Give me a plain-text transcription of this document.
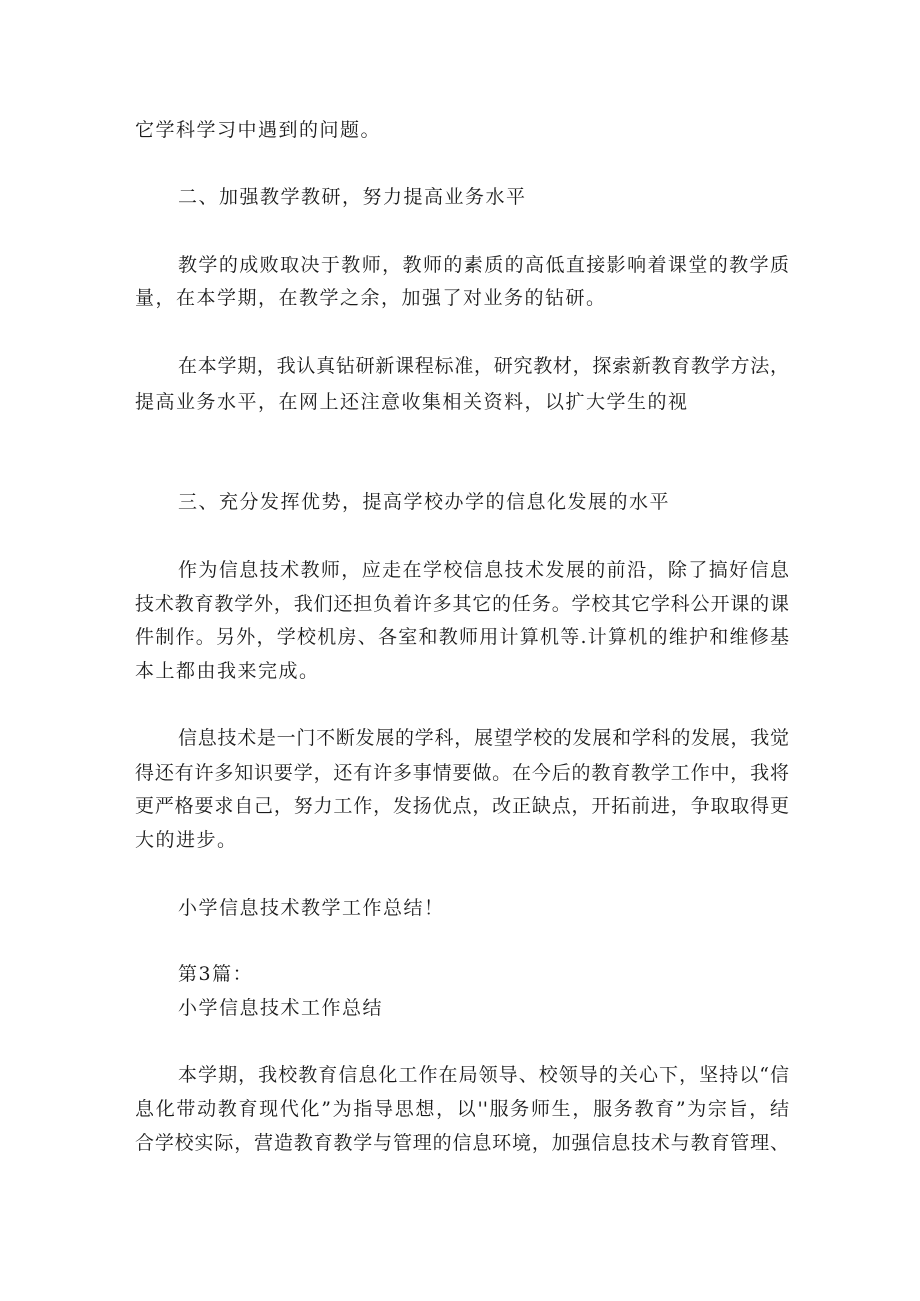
它学科学习中遇到的问题。
二、加强教学教研，努力提高业务水平
教学的成败取决于教师，教师的素质的高低直接影响着课堂的教学质
量，在本学期，在教学之余，加强了对业务的钻研。
在本学期，我认真钻研新课程标准，研究教材，探索新教育教学方法，
提高业务水平，在网上还注意收集相关资料，以扩大学生的视
三、充分发挥优势，提高学校办学的信息化发展的水平
作为信息技术教师，应走在学校信息技术发展的前沿，除了搞好信息
技术教育教学外，我们还担负着许多其它的任务。学校其它学科公开课的课
件制作。另外，学校机房、各室和教师用计算机等.计算机的维护和维修基
本上都由我来完成。
信息技术是一门不断发展的学科，展望学校的发展和学科的发展，我觉
得还有许多知识要学，还有许多事情要做。在今后的教育教学工作中，我将
更严格要求自己，努力工作，发扬优点，改正缺点，开拓前进，争取取得更
大的进步。
小学信息技术教学工作总结！
第3篇：
小学信息技术工作总结
本学期，我校教育信息化工作在局领导、校领导的关心下，坚持以“信
息化带动教育现代化”为指导思想，以''服务师生，服务教育”为宗旨，结
合学校实际，营造教育教学与管理的信息环境，加强信息技术与教育管理、
